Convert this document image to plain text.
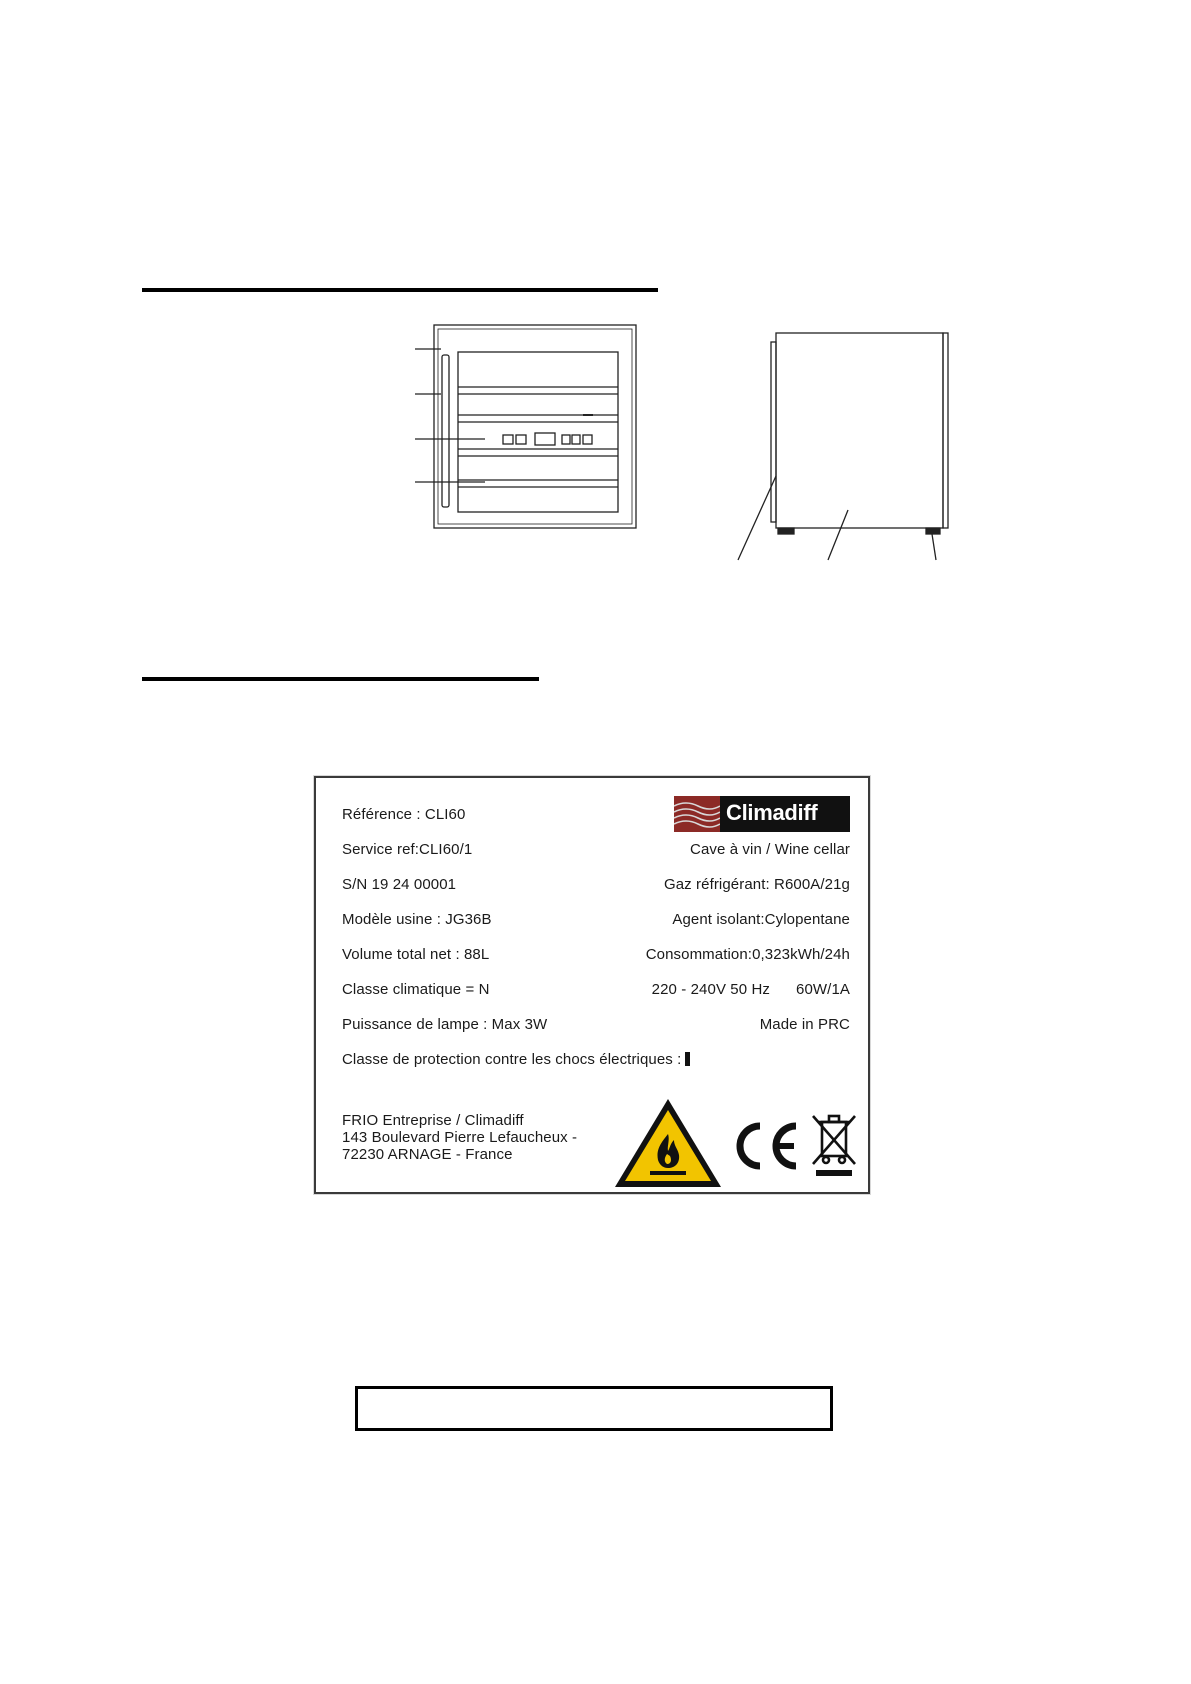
Climadiff
Référence : CLI60
Service ref:CLI60/1
S/N 19 24 00001
Modèle usine : JG36B
Volume total net : 88L
Classe climatique = N
Puissance de lampe : Max 3W
Cave à vin / Wine cellar
Gaz réfrigérant: R600A/21g
Agent isolant:Cylopentane
Consommation:0,323kWh/24h
220 - 240V 50 Hz 60W/1A
Made in PRC
Classe de protection contre les chocs électriques :
FRIO Entreprise / Climadiff
143 Boulevard Pierre Lefaucheux -
72230 ARNAGE - France
